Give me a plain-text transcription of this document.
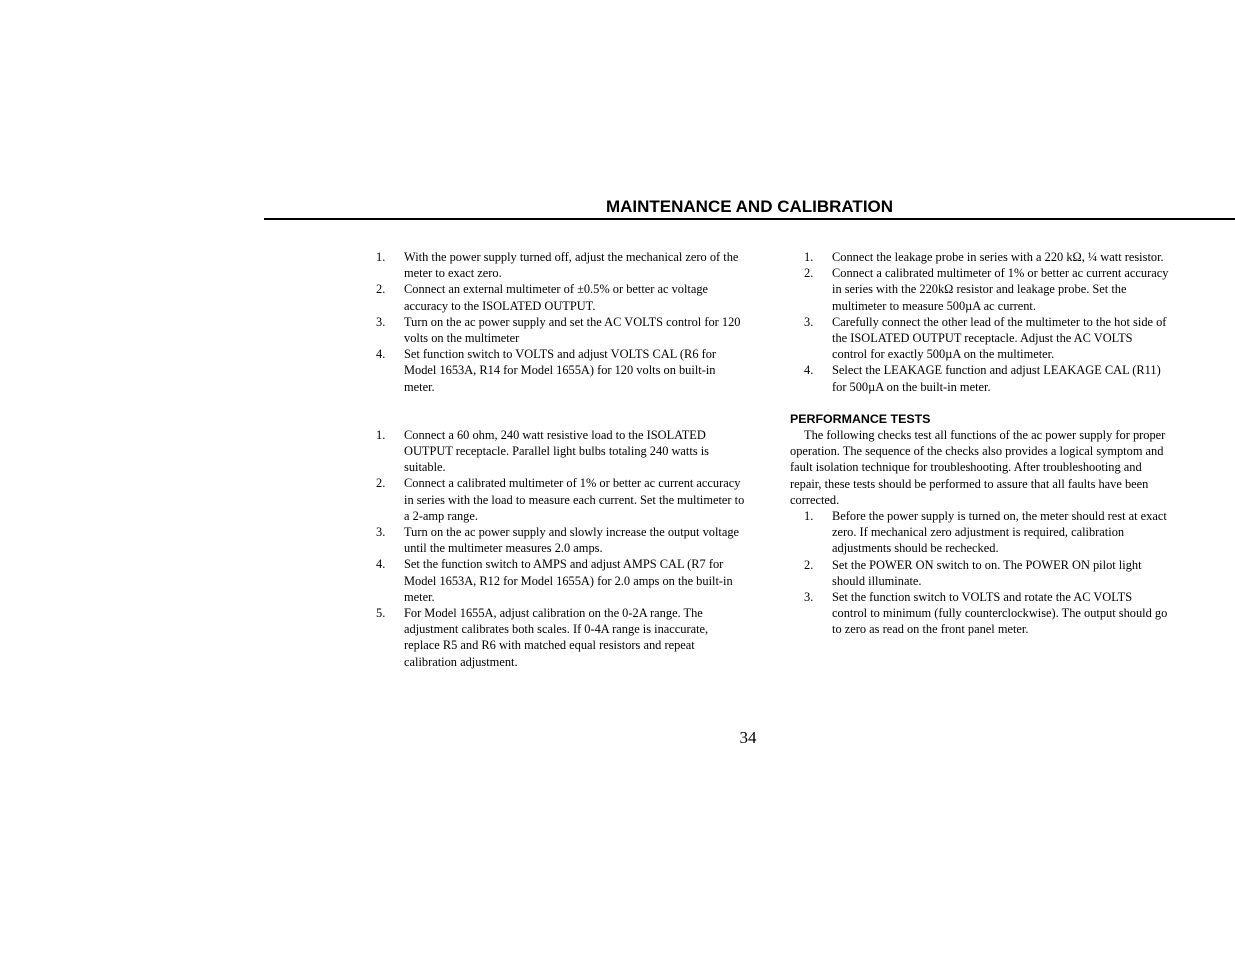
MAINTENANCE AND CALIBRATION
1.	With the power supply turned off, adjust the mechanical zero of the meter to exact zero.
2.	Connect an external multimeter of ±0.5% or better ac voltage accuracy to the ISOLATED OUTPUT.
3.	Turn on the ac power supply and set the AC VOLTS control for 120 volts on the multimeter
4.	Set function switch to VOLTS and adjust VOLTS CAL (R6 for Model 1653A, R14 for Model 1655A) for 120 volts on built-in meter.
1.	Connect a 60 ohm, 240 watt resistive load to the ISOLATED OUTPUT receptacle. Parallel light bulbs totaling 240 watts is suitable.
2.	Connect a calibrated multimeter of 1% or better ac current accuracy in series with the load to measure each current. Set the multimeter to a 2-amp range.
3.	Turn on the ac power supply and slowly increase the output voltage until the multimeter measures 2.0 amps.
4.	Set the function switch to AMPS and adjust AMPS CAL (R7 for Model 1653A, R12 for Model 1655A) for 2.0 amps on the built-in meter.
5.	For Model 1655A, adjust calibration on the 0-2A range. The adjustment calibrates both scales. If 0-4A range is inaccurate, replace R5 and R6 with matched equal resistors and repeat calibration adjustment.
1.	Connect the leakage probe in series with a 220 kΩ, ¼ watt resistor.
2.	Connect a calibrated multimeter of 1% or better ac current accuracy in series with the 220kΩ resistor and leakage probe. Set the multimeter to measure 500µA ac current.
3.	Carefully connect the other lead of the multimeter to the hot side of the ISOLATED OUTPUT receptacle. Adjust the AC VOLTS control for exactly 500µA on the multimeter.
4.	Select the LEAKAGE function and adjust LEAKAGE CAL (R11) for 500µA on the built-in meter.
PERFORMANCE TESTS

The following checks test all functions of the ac power supply for proper operation. The sequence of the checks also provides a logical symptom and fault isolation technique for troubleshooting. After troubleshooting and repair, these tests should be performed to assure that all faults have been corrected.

1.	Before the power supply is turned on, the meter should rest at exact zero. If mechanical zero adjustment is required, calibration adjustments should be rechecked.
2.	Set the POWER ON switch to on. The POWER ON pilot light should illuminate.
3.	Set the function switch to VOLTS and rotate the AC VOLTS control to minimum (fully counterclockwise). The output should go to zero as read on the front panel meter.
34
